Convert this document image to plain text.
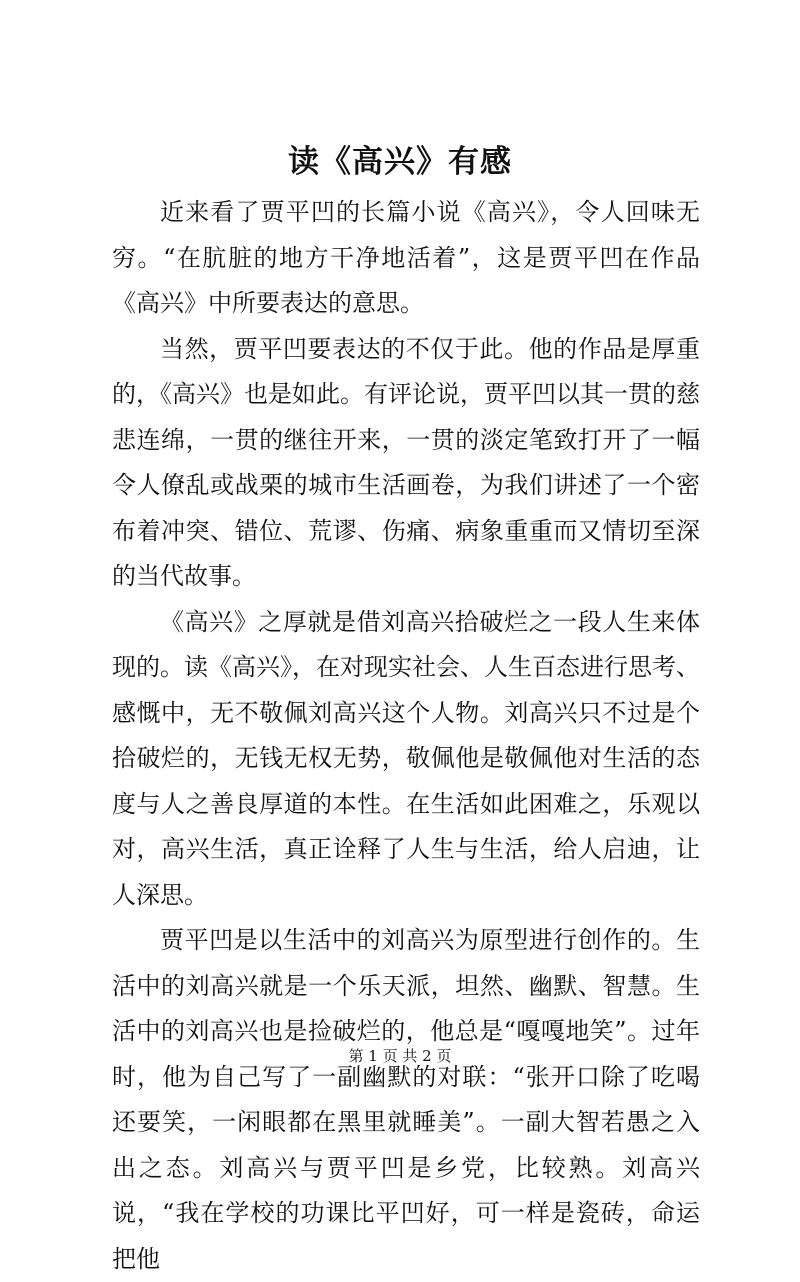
读《高兴》有感

近来看了贾平凹的长篇小说《高兴》，令人回味无穷。“在肮脏的地方干净地活着”，这是贾平凹在作品《高兴》中所要表达的意思。

当然，贾平凹要表达的不仅于此。他的作品是厚重的，《高兴》也是如此。有评论说，贾平凹以其一贯的慈悲连绵，一贯的继往开来，一贯的淡定笔致打开了一幅令人僚乱或战栗的城市生活画卷，为我们讲述了一个密布着冲突、错位、荒谬、伤痛、病象重重而又情切至深的当代故事。

《高兴》之厚就是借刘高兴拾破烂之一段人生来体现的。读《高兴》，在对现实社会、人生百态进行思考、感慨中，无不敬佩刘高兴这个人物。刘高兴只不过是个拾破烂的，无钱无权无势，敬佩他是敬佩他对生活的态度与人之善良厚道的本性。在生活如此困难之，乐观以对，高兴生活，真正诠释了人生与生活，给人启迪，让人深思。

贾平凹是以生活中的刘高兴为原型进行创作的。生活中的刘高兴就是一个乐天派，坦然、幽默、智慧。生活中的刘高兴也是捡破烂的，他总是“嘎嘎地笑”。过年时，他为自己写了一副幽默的对联：“张开口除了吃喝还要笑，一闲眼都在黑里就睡美”。一副大智若愚之入出之态。刘高兴与贾平凹是乡党，比较熟。刘高兴说，“我在学校的功课比平凹好，可一样是瓷砖，命运把他

第 1 页 共 2 页
